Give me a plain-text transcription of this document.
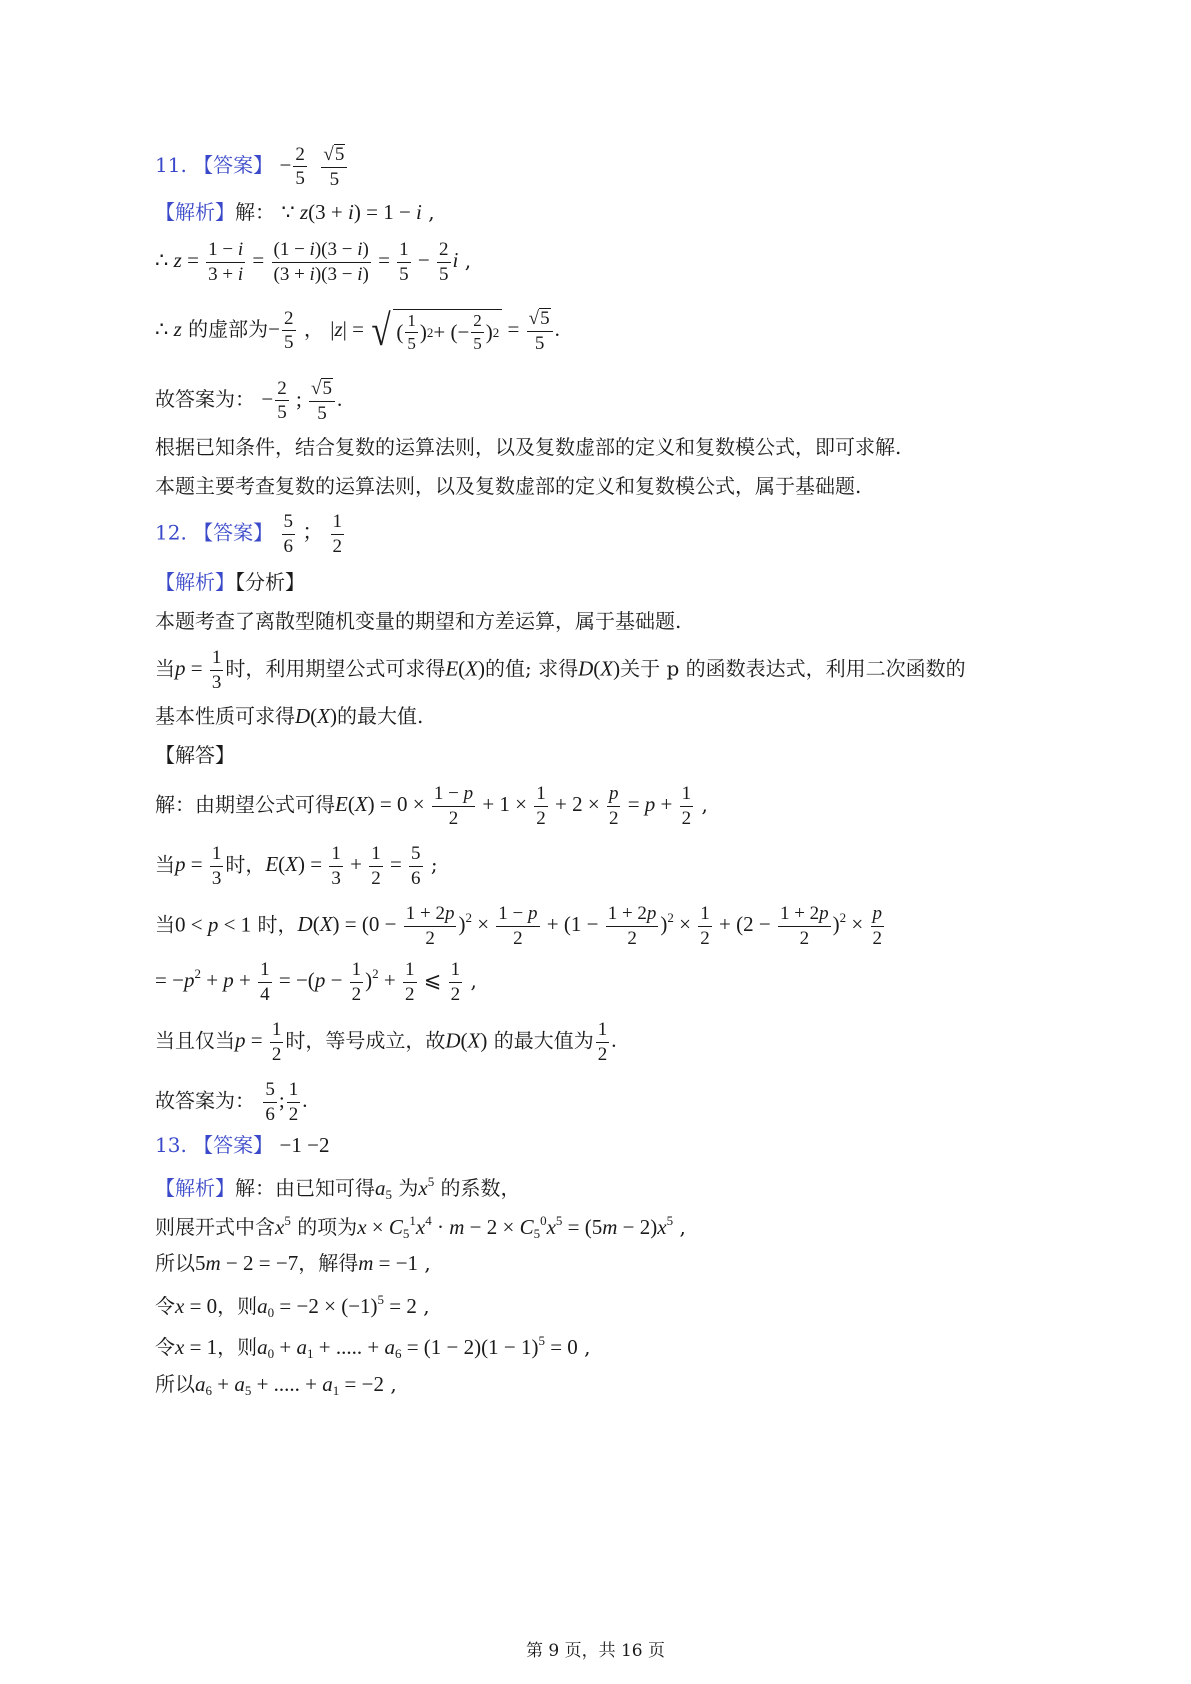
11. 【答案】 − $\frac{2}{5}$
$\frac{√5}{5}$
【解析】解： ∵ z(3 + i) = 1 − i ,
∴ $z = \frac{1 - i}{3 + i} = \frac{(1 - i)(3 - i)}{(3 + i)(3 - i)} = \frac{1}{5} - \frac{2}{5}$ i ,
∴ z 的虚部为− $\frac{2}{5}$ ， |z| = √ ( $\frac{1}{5}$ ) 2 + (− $\frac{2}{5}$ ) $2 = \frac{√5}{5}$ .
故答案为： − $\frac{2}{5}$ ; $\frac{√5}{5}$ .
根据已知条件，结合复数的运算法则，以及复数虚部的定义和复数模公式，即可求解.
本题主要考查复数的运算法则，以及复数虚部的定义和复数模公式，属于基础题.
12. 【答案】 $\frac{5}{6}$ ； $\frac{1}{2}$
【解析】【分析】
本题考查了离散型随机变量的期望和方差运算，属于基础题.
当$p = \frac{1}{3}$ 时，利用期望公式可求得E(X)的值; 求得D(X)关于 p 的函数表达式，利用二次函数的
基本性质可求得D(X)的最大值.
【解答】
解：由期望公式可得$E(X) = 0 \times \frac{1 - p}{2} + 1 \times \frac{1}{2} + 2 \times \frac{p}{2} = p + \frac{1}{2}$ ,
当$p = \frac{1}{3}$ 时，$E(X) = \frac{1}{3} + \frac{1}{2} = \frac{5}{6}$ ;
当0 < p < 1 时，$D(X) = (0 - \frac{1 + 2p}{2} )^2 \times \frac{1 - p}{2} + (1 - \frac{1 + 2p}{2} )^2 \times \frac{1}{2} + (2 - \frac{1 + 2p}{2} )^2 \times \frac{p}{2}$
= $-p^2 + p + \frac{1}{4} = -(p - \frac{1}{2} )^2 + \frac{1}{2}$ ⩽ $\frac{1}{2}$ ,
当且仅当$p = \frac{1}{2}$ 时，等号成立，故D(X) 的最大值为 $\frac{1}{2}$ .
故答案为： $\frac{5}{6}$ ; $\frac{1}{2}$ .
13. 【答案】 −1 −2
【解析】解：由已知可得$a_5$ 为$x^5$ 的系数，
则展开式中含$x^5$ 的项为$x \times C_5^1x^4 \cdot m - 2 \times C_5^0x^5 = (5m - 2)x^5$ ,
所以5m − 2 = −7，解得m = −1 ,
令x = 0，则$a_0 = -2 \times (-1)^5 = 2$ ,
令x = 1，则$a_0 + a_1$ + ..... + $a_6 = (1 - 2)(1 - 1)^5 = 0$ ,
所以$a_6 + a_5$ + ..... + $a_1 = -2$ ,
第 9 页，共 16 页
